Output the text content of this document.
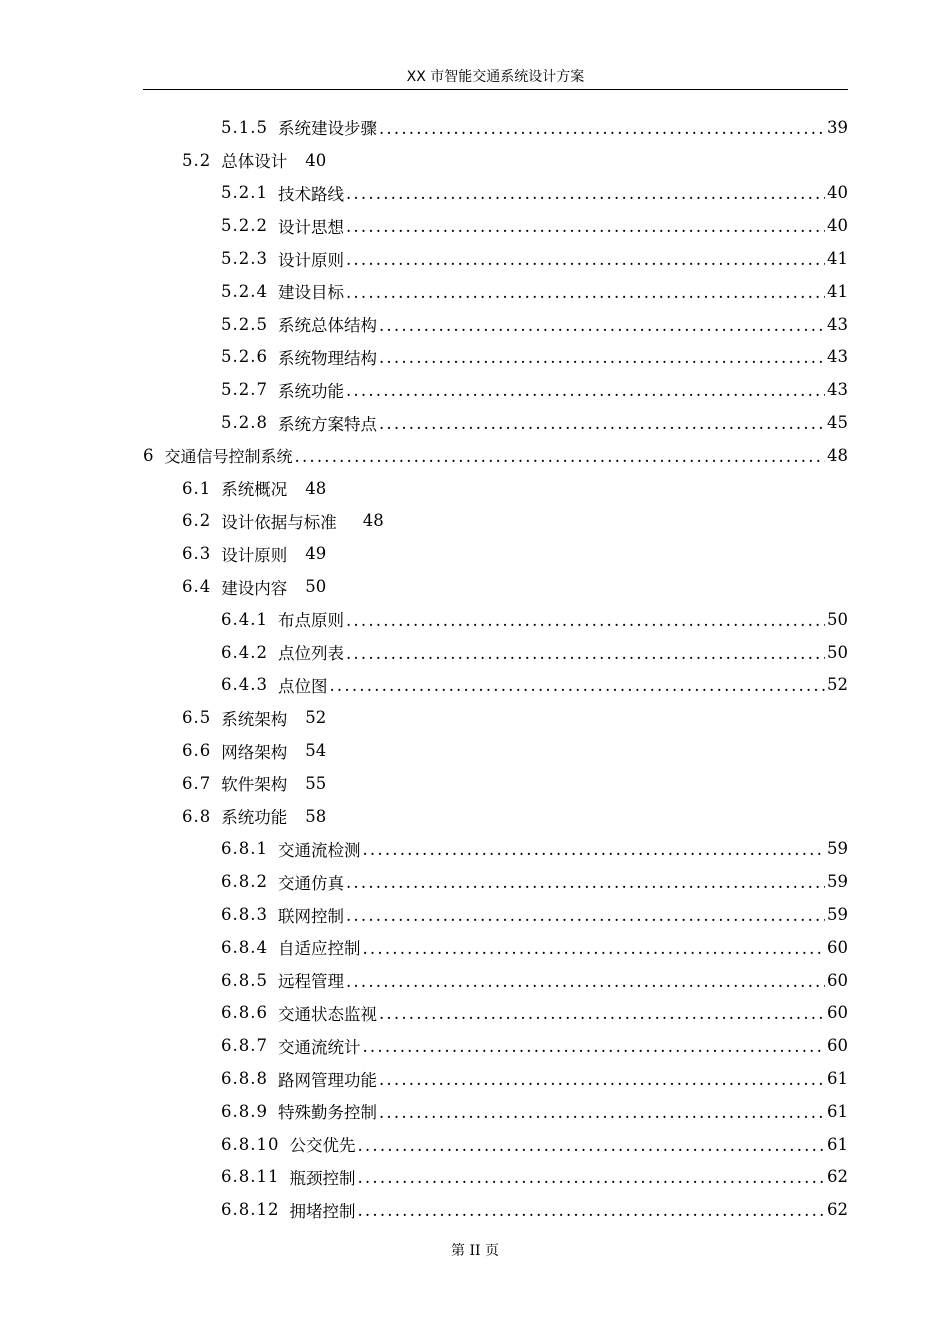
XX 市智能交通系统设计方案
5.1.5 系统建设步骤 .....	39
5.2 总体设计 40
5.2.1 技术路线 .....	40
5.2.2 设计思想 .....	40
5.2.3 设计原则 .....	41
5.2.4 建设目标 .....	41
5.2.5 系统总体结构 .....	43
5.2.6 系统物理结构 .....	43
5.2.7 系统功能 .....	43
5.2.8 系统方案特点 .....	45
6 交通信号控制系统 .....	48
6.1 系统概况 48
6.2 设计依据与标准 48
6.3 设计原则 49
6.4 建设内容 50
6.4.1 布点原则 .....	50
6.4.2 点位列表 .....	50
6.4.3 点位图 .....	52
6.5 系统架构 52
6.6 网络架构 54
6.7 软件架构 55
6.8 系统功能 58
6.8.1 交通流检测 .....	59
6.8.2 交通仿真 .....	59
6.8.3 联网控制 .....	59
6.8.4 自适应控制 .....	60
6.8.5 远程管理 .....	60
6.8.6 交通状态监视 .....	60
6.8.7 交通流统计 .....	60
6.8.8 路网管理功能 .....	61
6.8.9 特殊勤务控制 .....	61
6.8.10 公交优先 .....	61
6.8.11 瓶颈控制 .....	62
6.8.12 拥堵控制 .....	62
第 II 页
